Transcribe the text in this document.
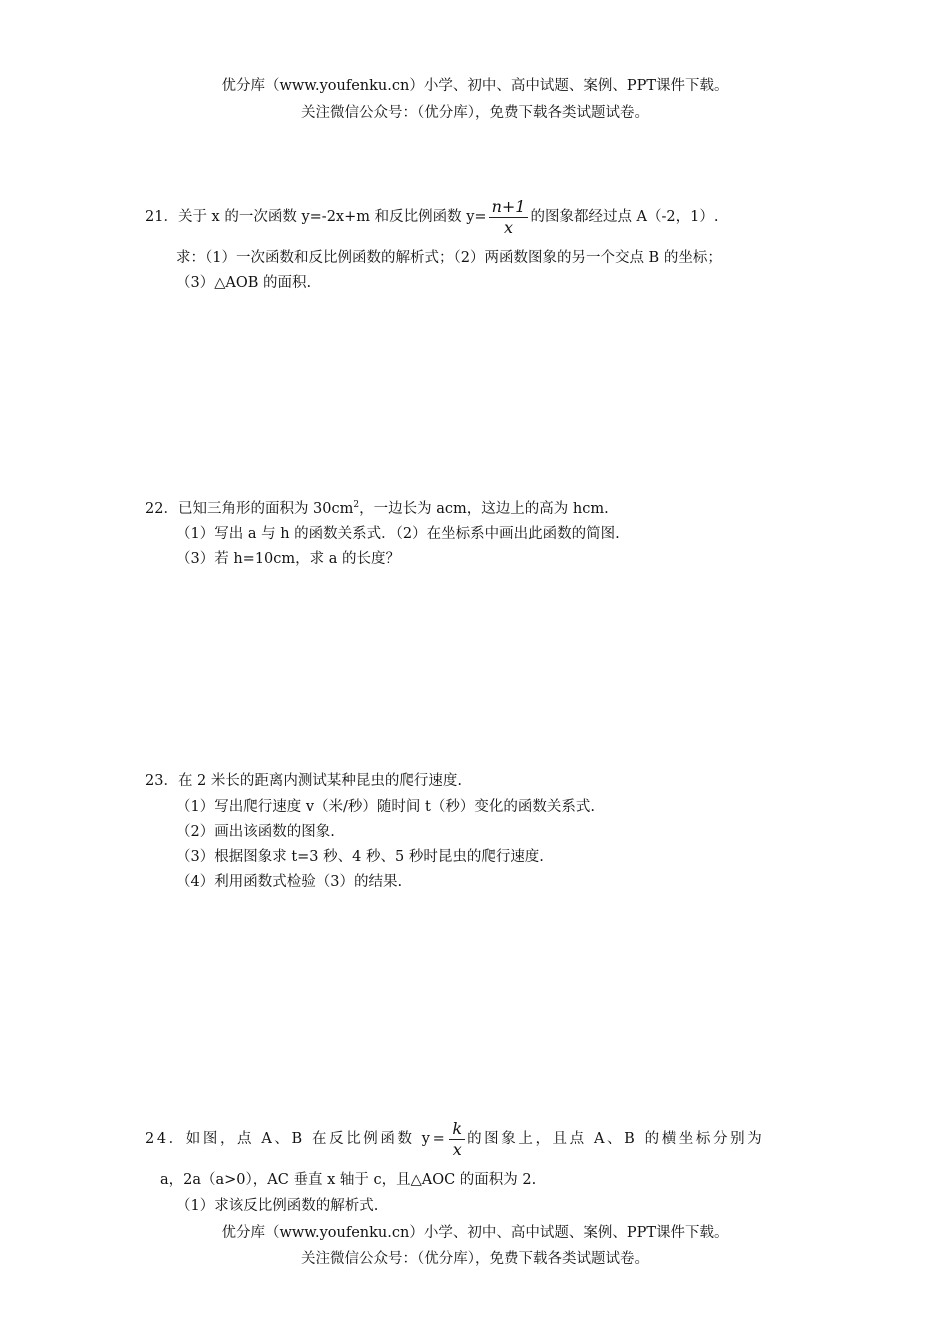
优分库（www.youfenku.cn）小学、初中、高中试题、案例、PPT课件下载。
关注微信公众号：（优分库），免费下载各类试题试卷。
21．关于 x 的一次函数 y=-2x+m 和反比例函数 $y= \frac{n+1}{x}$ 的图象都经过点 A（-2，1）.
求：（1）一次函数和反比例函数的解析式；（2）两函数图象的另一个交点 B 的坐标；
（3）△AOB 的面积.
22．已知三角形的面积为 $30cm^2$，一边长为 acm，这边上的高为 hcm.
（1）写出 a 与 h 的函数关系式．（2）在坐标系中画出此函数的简图.
（3）若 h=10cm，求 a 的长度？
23．在 2 米长的距离内测试某种昆虫的爬行速度.
（1）写出爬行速度 v（米/秒）随时间 t（秒）变化的函数关系式.
（2）画出该函数的图象.
（3）根据图象求 t=3 秒、4 秒、5 秒时昆虫的爬行速度.
（4）利用函数式检验（3）的结果.
24．如图，点 A、B 在反比例函数 $y= \frac{k}{x}$ 的图象上，且点 A、B 的横坐标分别为
a，2a（a>0），AC 垂直 x 轴于 c，且△AOC 的面积为 2.
（1）求该反比例函数的解析式.
优分库（www.youfenku.cn）小学、初中、高中试题、案例、PPT课件下载。
关注微信公众号：（优分库），免费下载各类试题试卷。
